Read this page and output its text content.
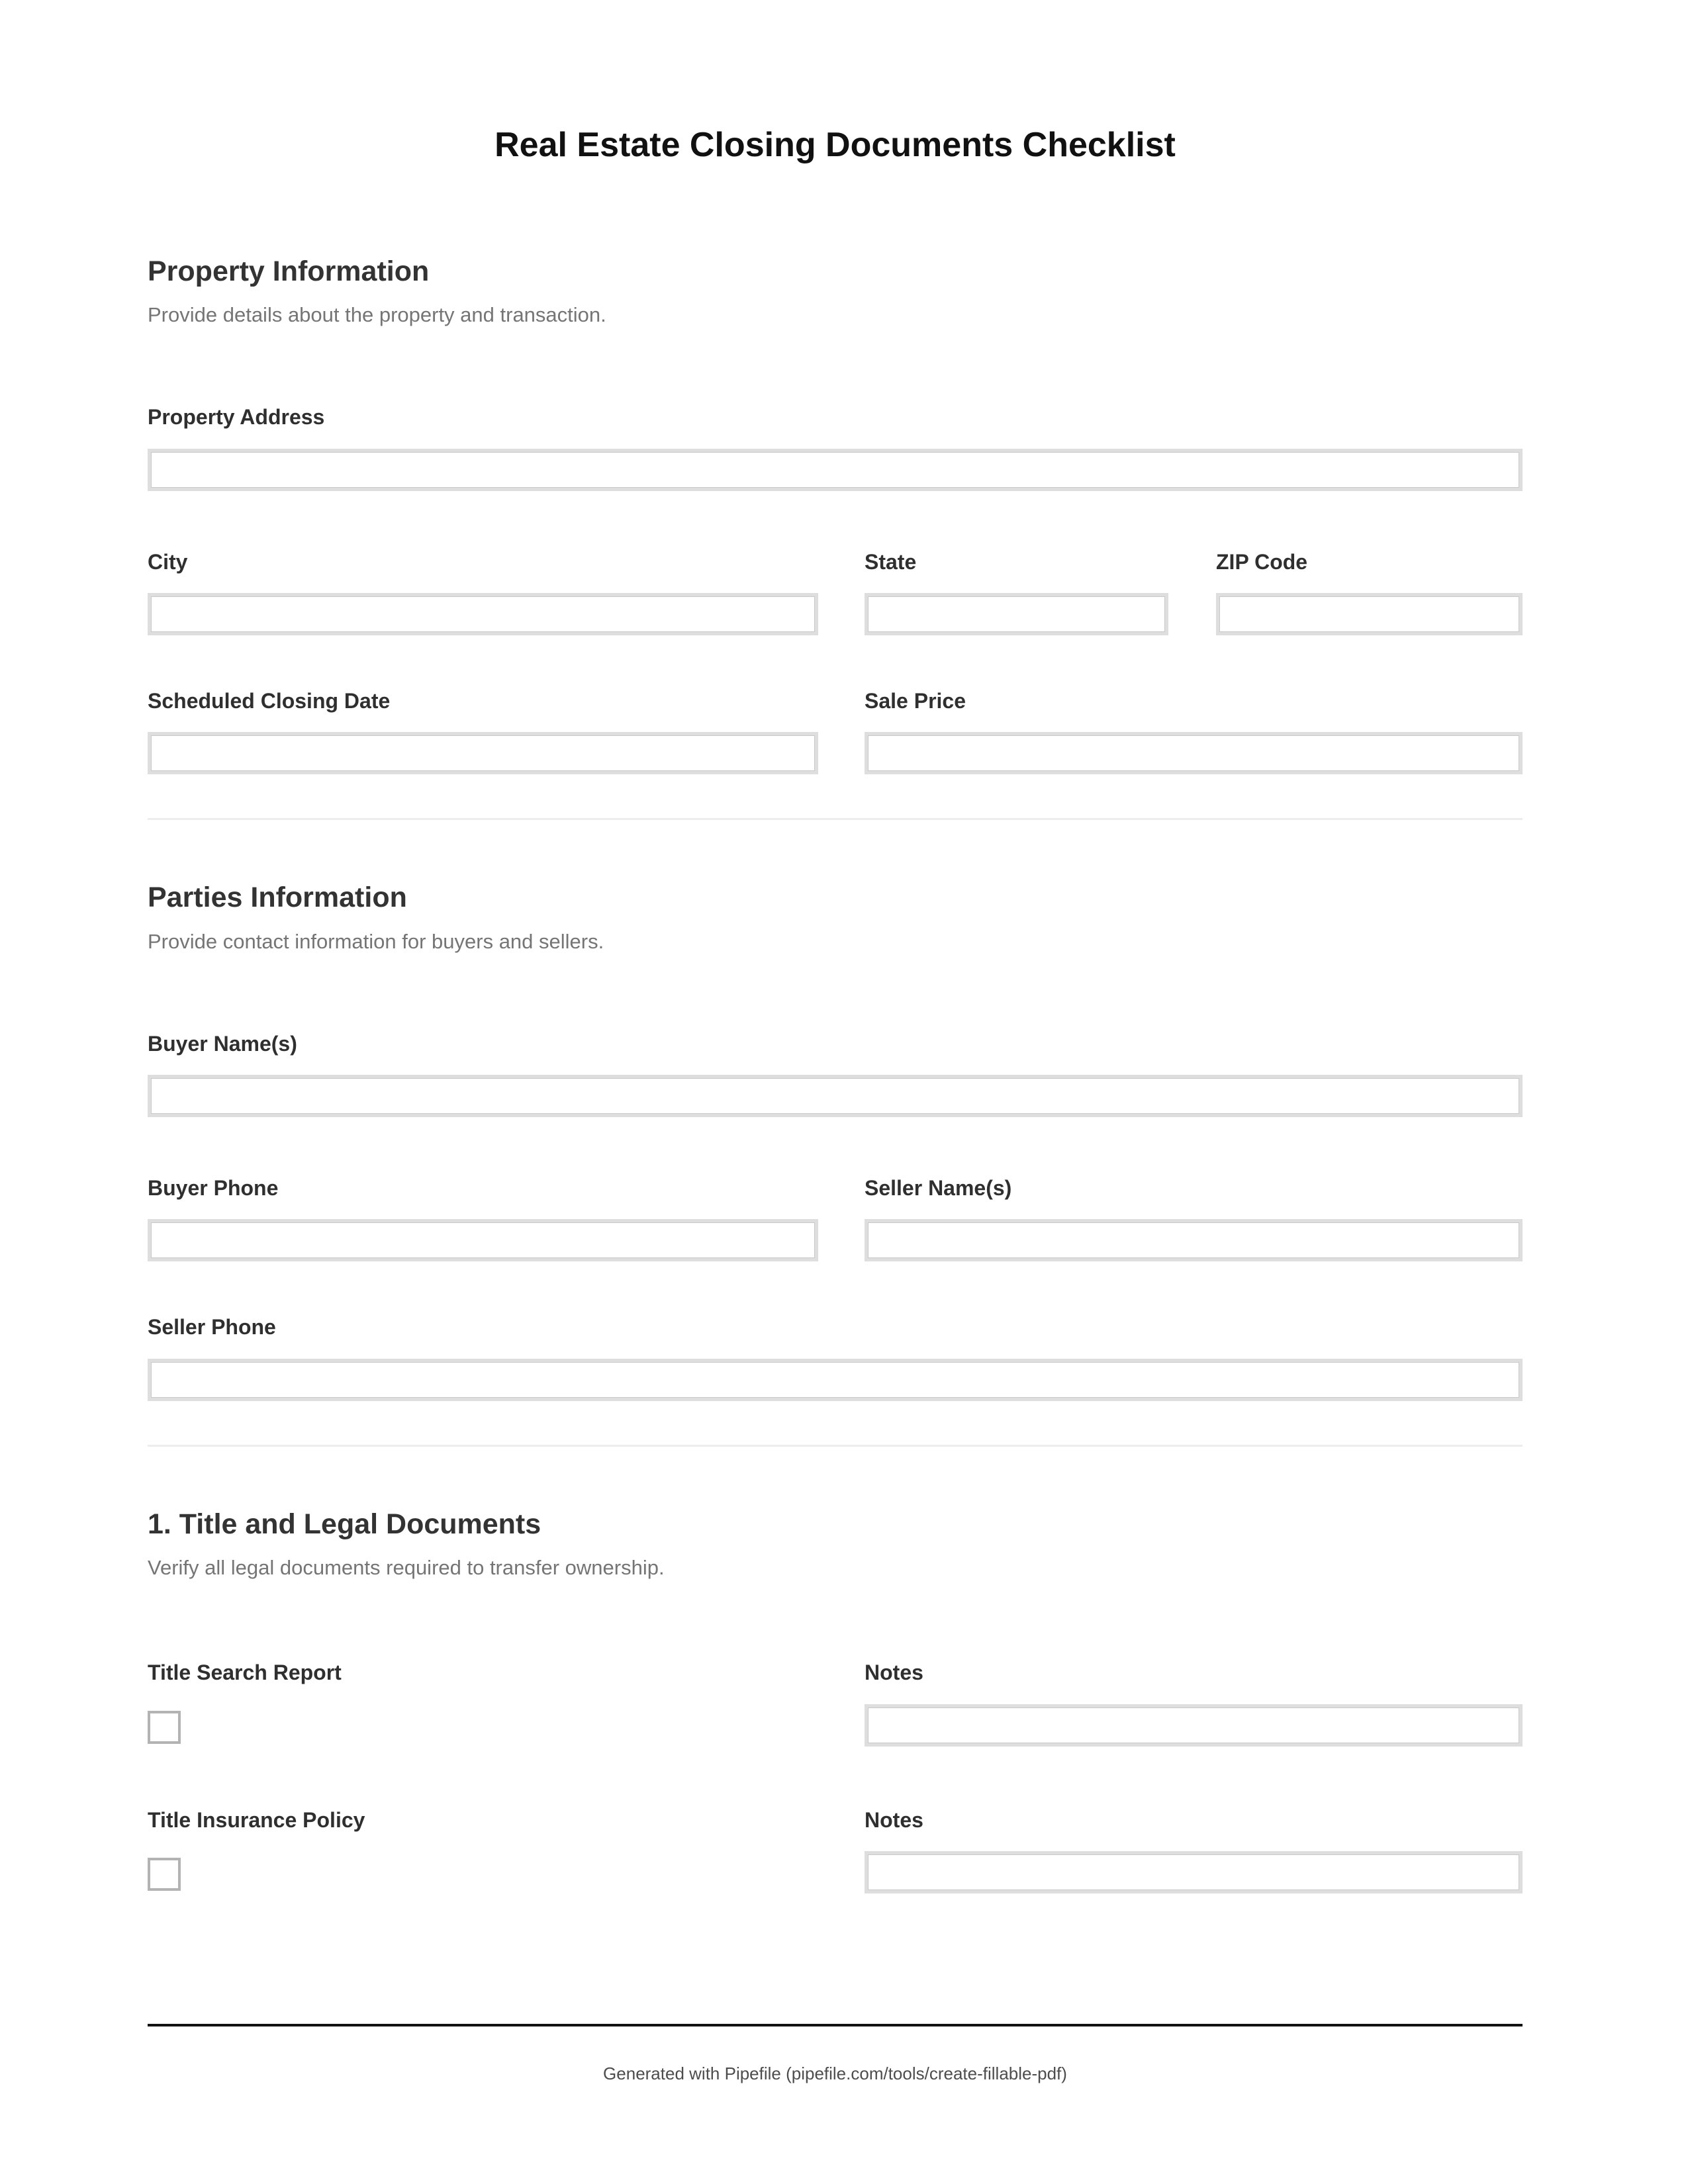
Real Estate Closing Documents Checklist
Property Information
Provide details about the property and transaction.
Property Address
City	State	ZIP Code
Scheduled Closing Date	Sale Price
Parties Information
Provide contact information for buyers and sellers.
Buyer Name(s)
Buyer Phone	Seller Name(s)
Seller Phone
1. Title and Legal Documents
Verify all legal documents required to transfer ownership.
Title Search Report	Notes
Title Insurance Policy	Notes
Generated with Pipefile (pipefile.com/tools/create-fillable-pdf)
